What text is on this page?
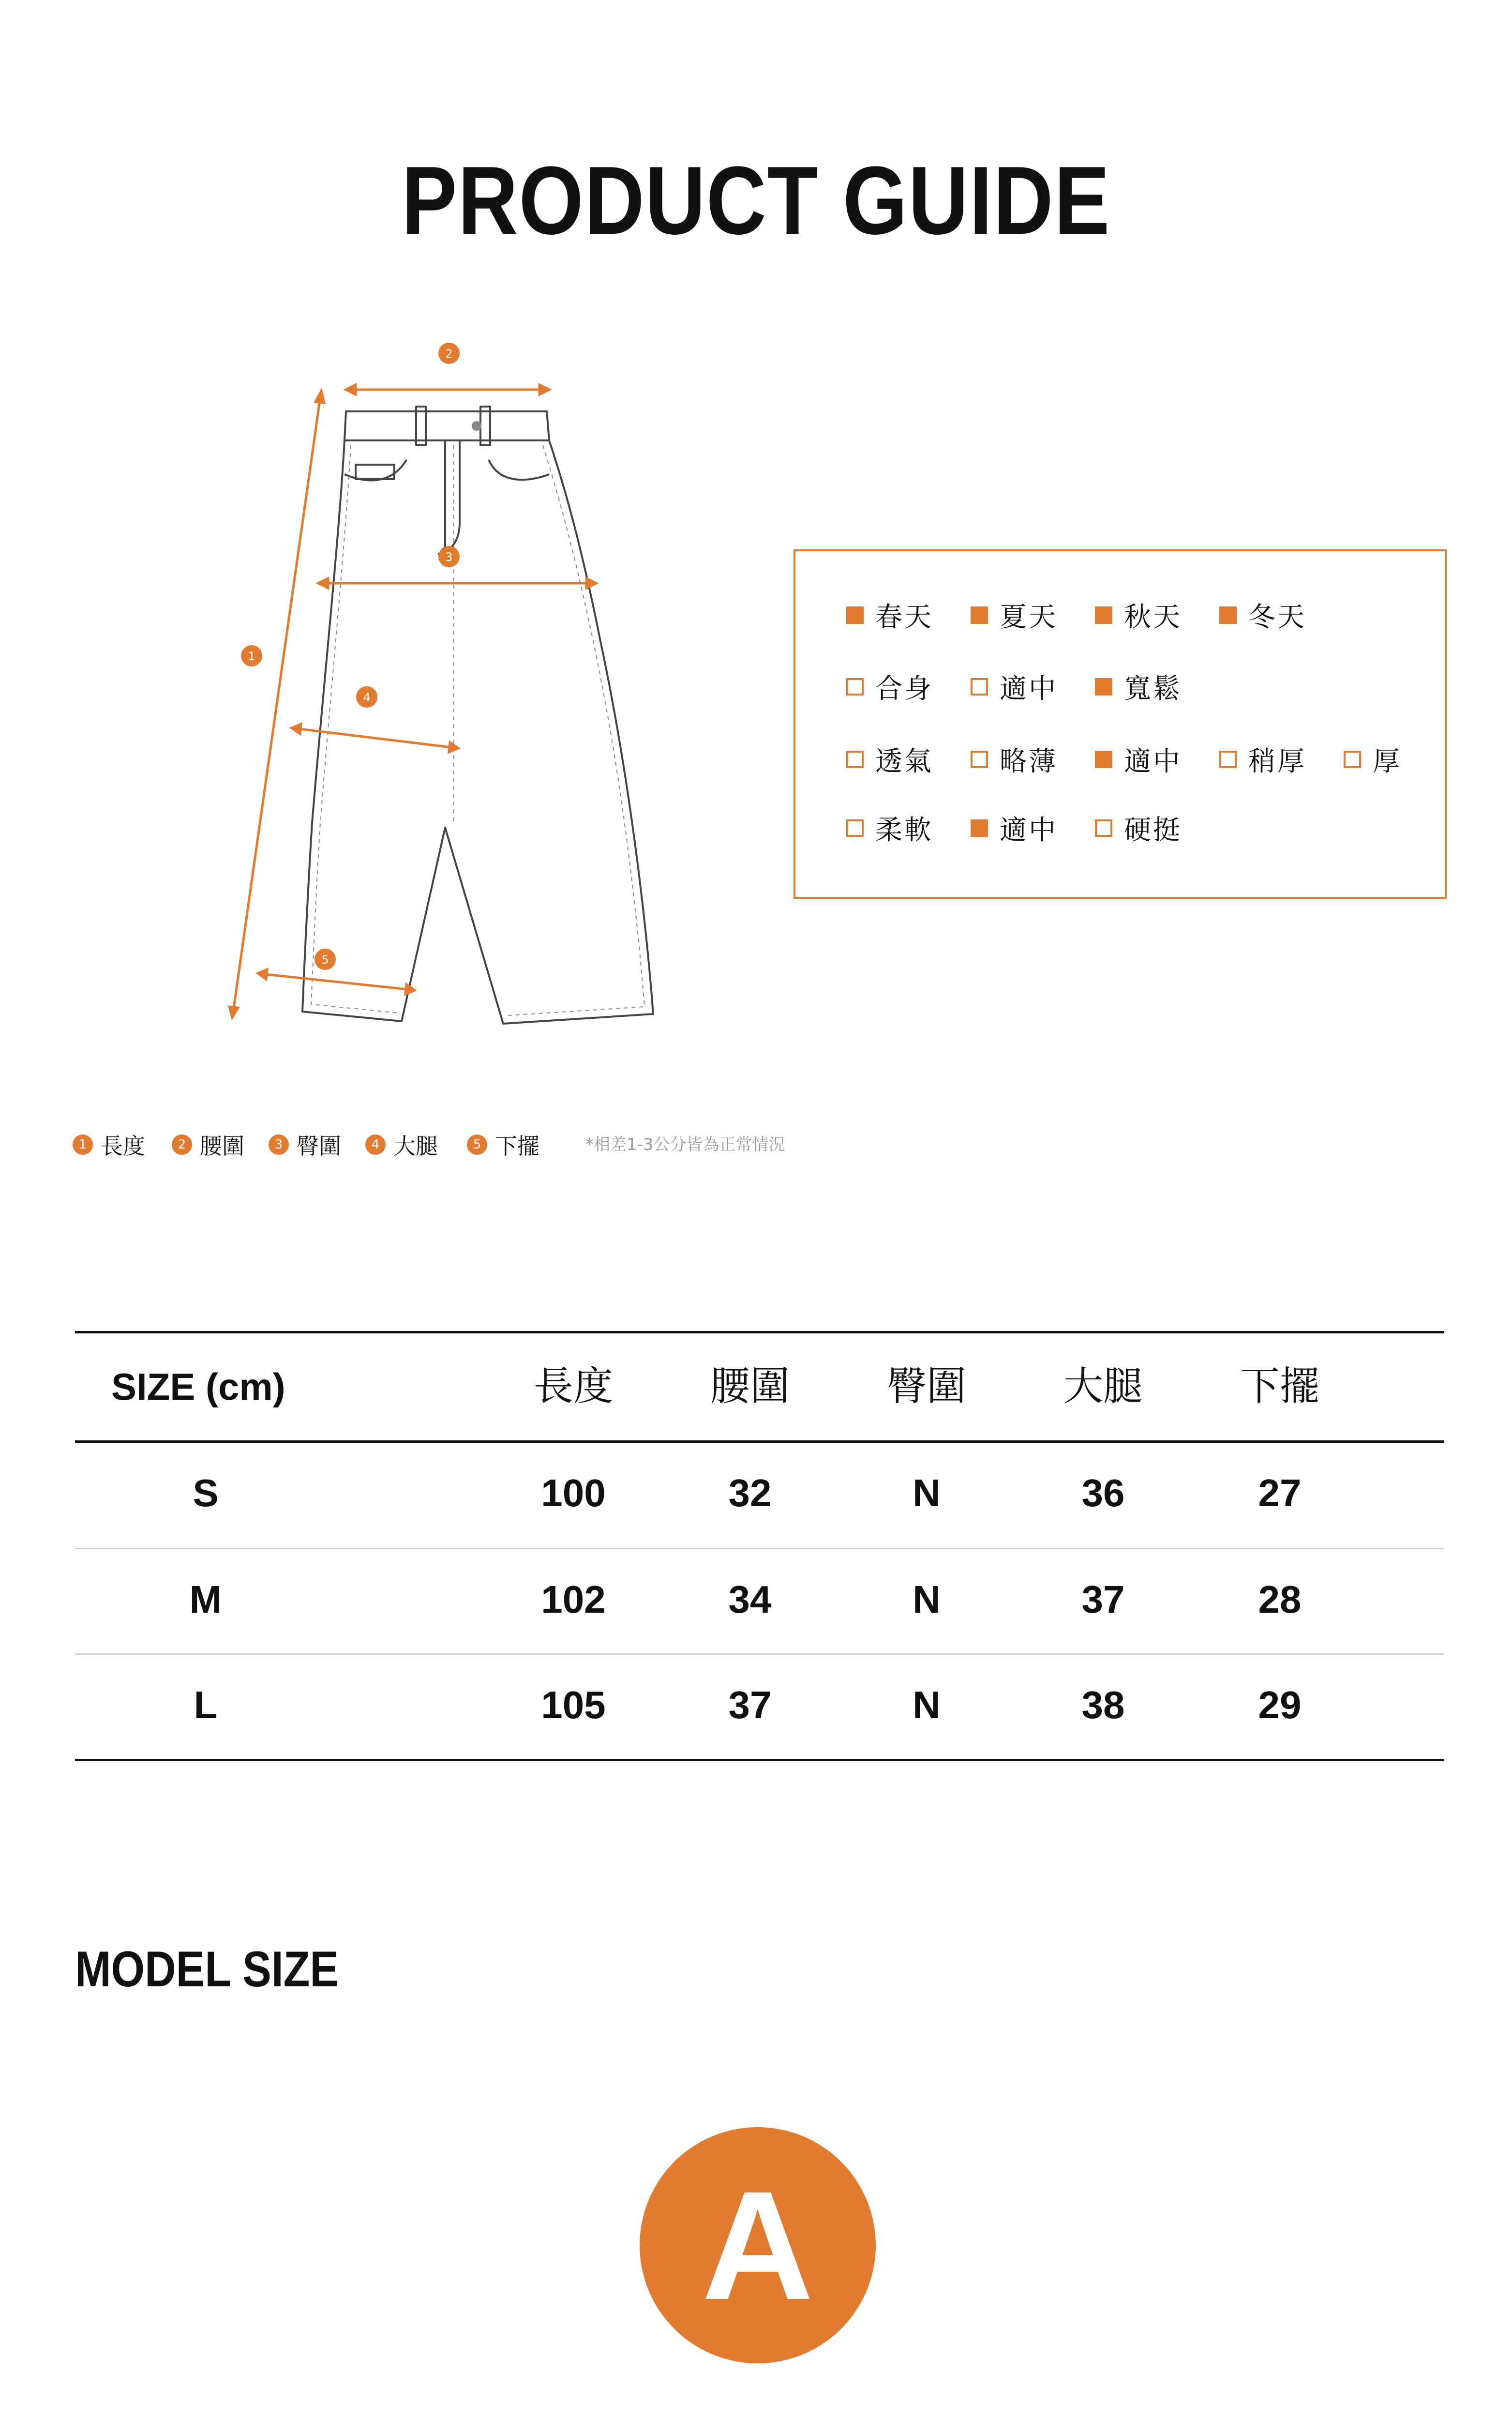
PRODUCT GUIDE
2
1
3
4
5
春天 夏天 秋天 冬天
合身 適中 寬鬆
透氣 略薄 適中 稍厚 厚
柔軟 適中 硬挺
*相差1-3公分皆為正常情況
1 長度	2 腰圍	3 臀圍	4 大腿	5 下擺
SIZE (cm)	長度	腰圍	臀圍	大腿	下擺
S	100	32	N	36	27
M	102	34	N	37	28
L	105	37	N	38	29
MODEL SIZE
A
